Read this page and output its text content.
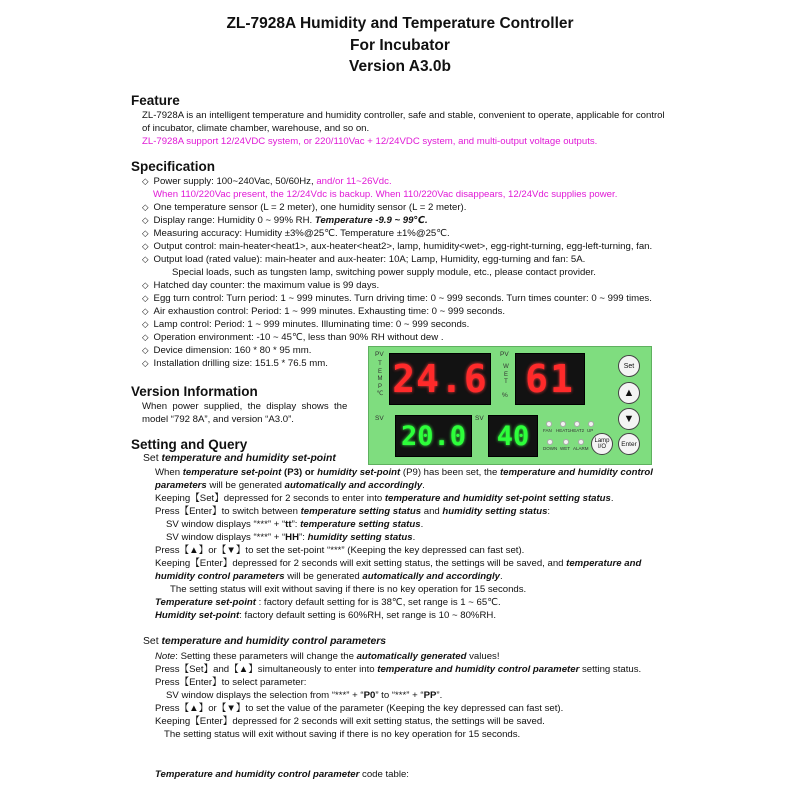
ZL-7928A Humidity and Temperature Controller
For Incubator
Version A3.0b
Feature
ZL-7928A is an intelligent temperature and humidity controller, safe and stable, convenient to operate, applicable for control
of incubator, climate chamber, warehouse, and so on.
ZL-7928A support 12/24VDC system, or 220/110Vac + 12/24VDC system, and multi-output voltage outputs.
Specification
◇ Power supply: 100~240Vac, 50/60Hz, and/or 11~26Vdc.
When 110/220Vac present, the 12/24Vdc is backup. When 110/220Vac disappears, 12/24Vdc supplies power.
◇ One temperature sensor (L = 2 meter), one humidity sensor (L = 2 meter).
◇ Display range: Humidity 0 ~ 99% RH. Temperature -9.9 ~ 99℃.
◇ Measuring accuracy: Humidity ±3%@25℃. Temperature ±1%@25℃.
◇ Output control: main-heater<heat1>, aux-heater<heat2>, lamp, humidity<wet>, egg-right-turning, egg-left-turning, fan.
◇ Output load (rated value): main-heater and aux-heater: 10A; Lamp, Humidity, egg-turning and fan: 5A.
Special loads, such as tungsten lamp, switching power supply module, etc., please contact provider.
◇ Hatched day counter: the maximum value is 99 days.
◇ Egg turn control: Turn period: 1 ~ 999 minutes. Turn driving time: 0 ~ 999 seconds. Turn times counter: 0 ~ 999 times.
◇ Air exhaustion control: Period: 1 ~ 999 minutes. Exhausting time: 0 ~ 999 seconds.
◇ Lamp control: Period: 1 ~ 999 minutes. Illuminating time: 0 ~ 999 seconds.
◇ Operation environment: -10 ~ 45℃, less than 90% RH without dew .
◇ Device dimension: 160 * 80 * 95 mm.
◇ Installation drilling size: 151.5 * 76.5 mm.
Version Information
When  power  supplied,  the  display  shows  the
model “792 8A”, and version “A3.0”.
PV
T
E
M
P
℃ 24.6
PV
W
E
T
% 61
SV
20.0
SV
40	FAN HEAT1 HEAT2 UP
DOWN WET ALARM
Set
▲
▼
Lamp
I/O	Enter
Setting and Query
Set temperature and humidity set-point
When temperature set-point (P3) or humidity set-point (P9) has been set, the temperature and humidity control
parameters will be generated automatically and accordingly.
Keeping【Set】depressed for 2 seconds to enter into temperature and humidity set-point setting status.
Press【Enter】to switch between temperature setting status and humidity setting status:
SV window displays “***” + “tt”: temperature setting status.
SV window displays “***” + “HH”: humidity setting status.
Press【▲】or【▼】to set the set-point “***” (Keeping the key depressed can fast set).
Keeping【Enter】depressed for 2 seconds will exit setting status, the settings will be saved, and temperature and
humidity control parameters will be generated automatically and accordingly.
The setting status will exit without saving if there is no key operation for 15 seconds.
Temperature set-point : factory default setting for is 38℃, set range is 1 ~ 65℃.
Humidity set-point: factory default setting is 60%RH, set range is 10 ~ 80%RH.
Set temperature and humidity control parameters
Note: Setting these parameters will change the automatically generated values!
Press【Set】and【▲】simultaneously to enter into temperature and humidity control parameter setting status.
Press【Enter】to select parameter:
SV window displays the selection from “***” + “P0” to “***” + “PP”.
Press【▲】or【▼】to set the value of the parameter (Keeping the key depressed can fast set).
Keeping【Enter】depressed for 2 seconds will exit setting status, the settings will be saved.
The setting status will exit without saving if there is no key operation for 15 seconds.
Temperature and humidity control parameter code table:
